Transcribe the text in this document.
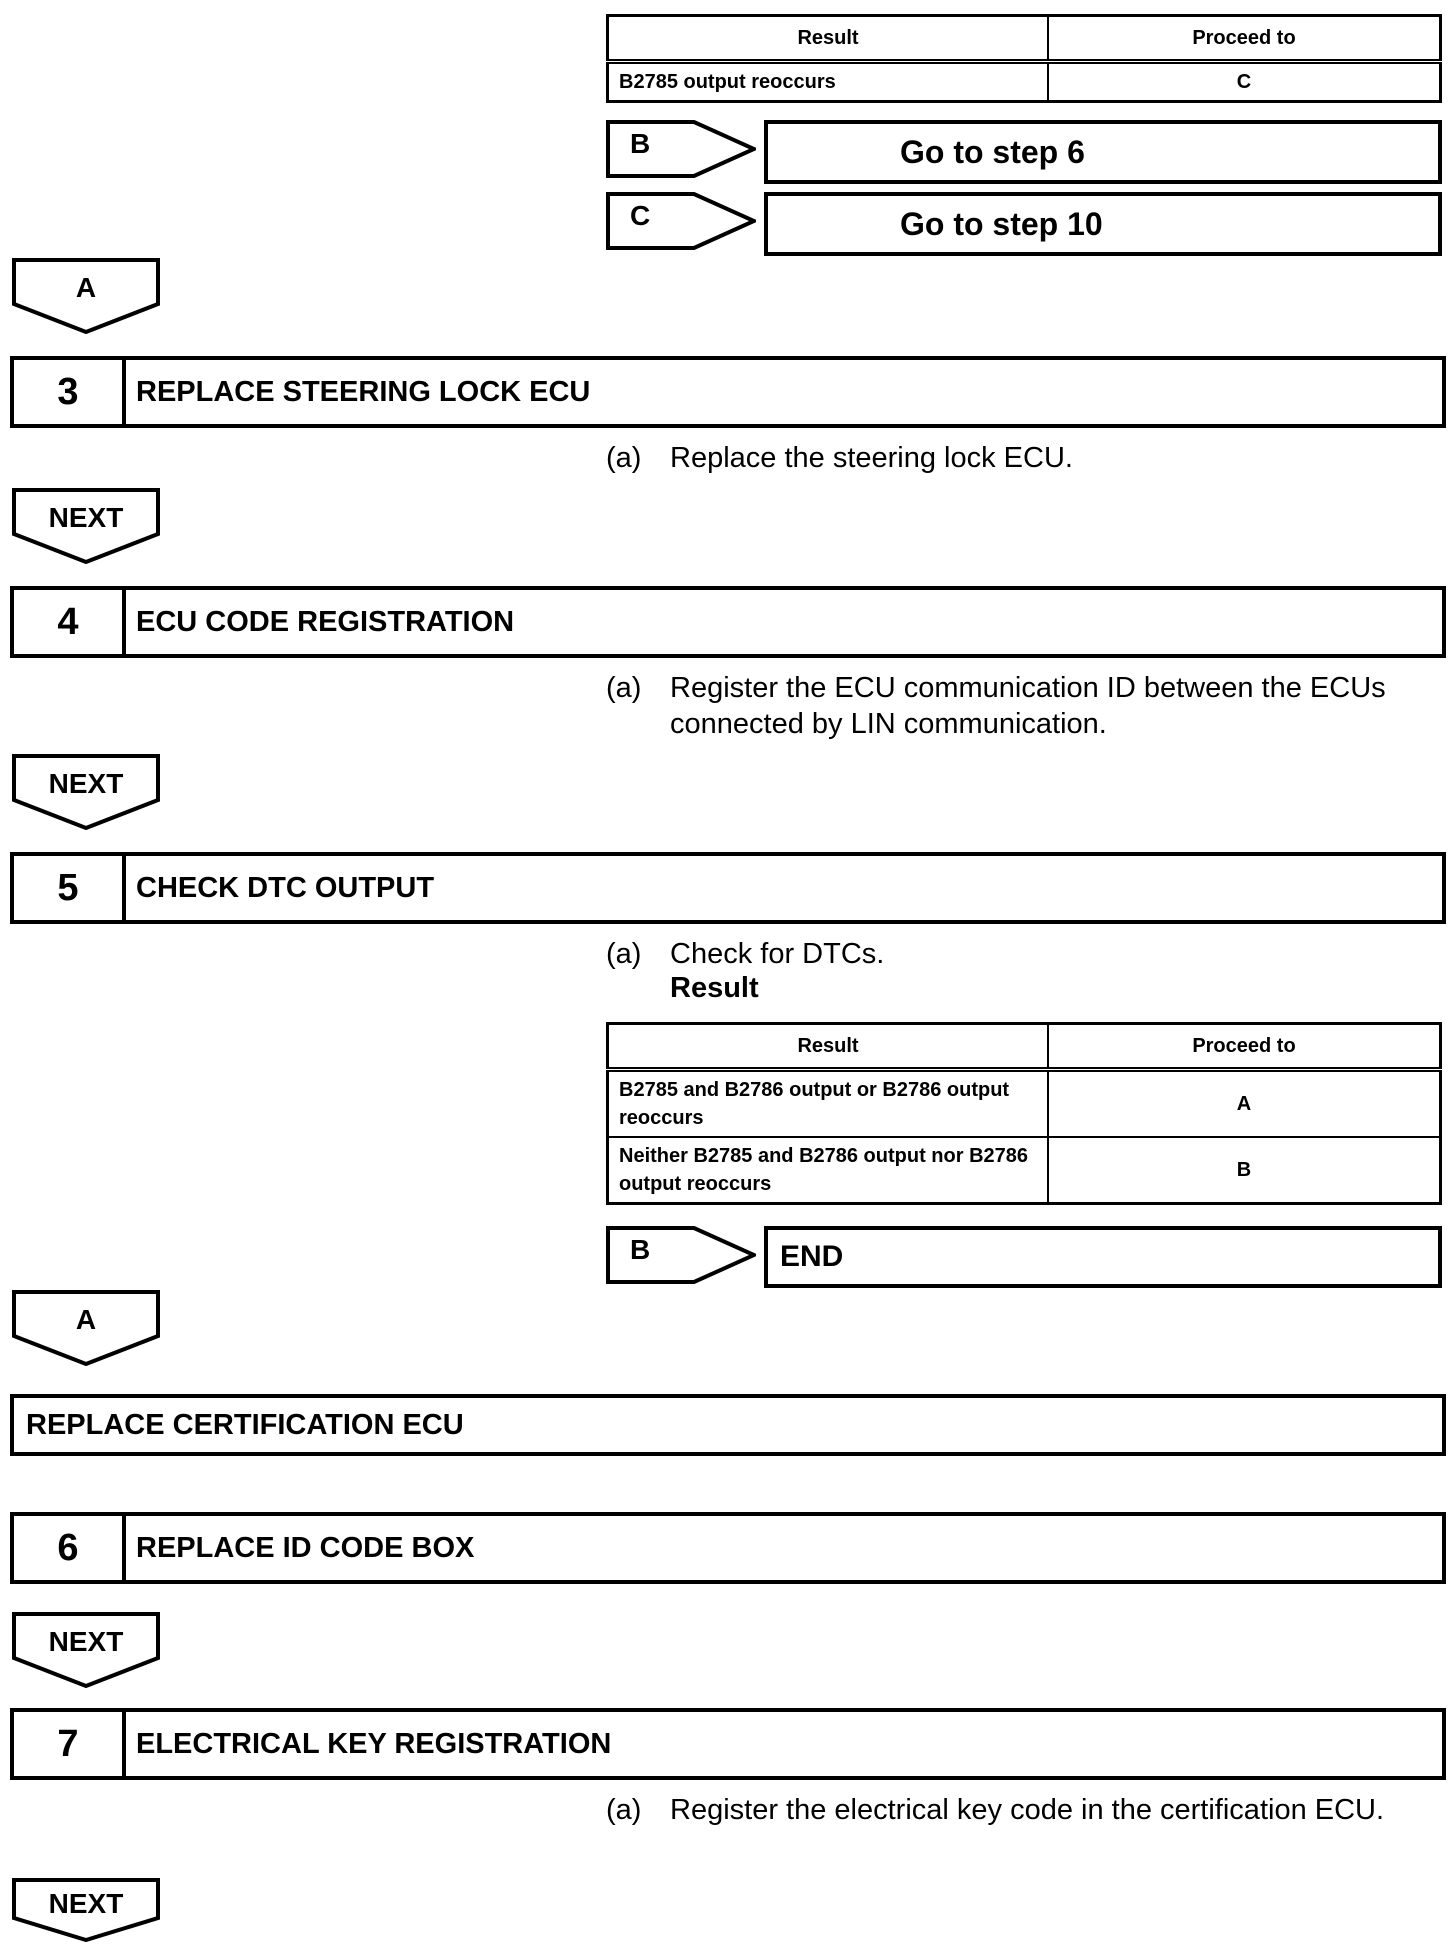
Result	Proceed to
B2785 output reoccurs	C
B	Go to step 6
C	Go to step 10
A
3	REPLACE STEERING LOCK ECU
(a) Replace the steering lock ECU.
NEXT
4	ECU CODE REGISTRATION
(a) Register the ECU communication ID between the ECUs
connected by LIN communication.
NEXT
5	CHECK DTC OUTPUT
(a) Check for DTCs.
Result
Result	Proceed to
B2785 and B2786 output or B2786 output reoccurs	A
Neither B2785 and B2786 output nor B2786 output reoccurs	B
B	END
A
REPLACE CERTIFICATION ECU
6	REPLACE ID CODE BOX
NEXT
7	ELECTRICAL KEY REGISTRATION
(a) Register the electrical key code in the certification ECU.
NEXT
